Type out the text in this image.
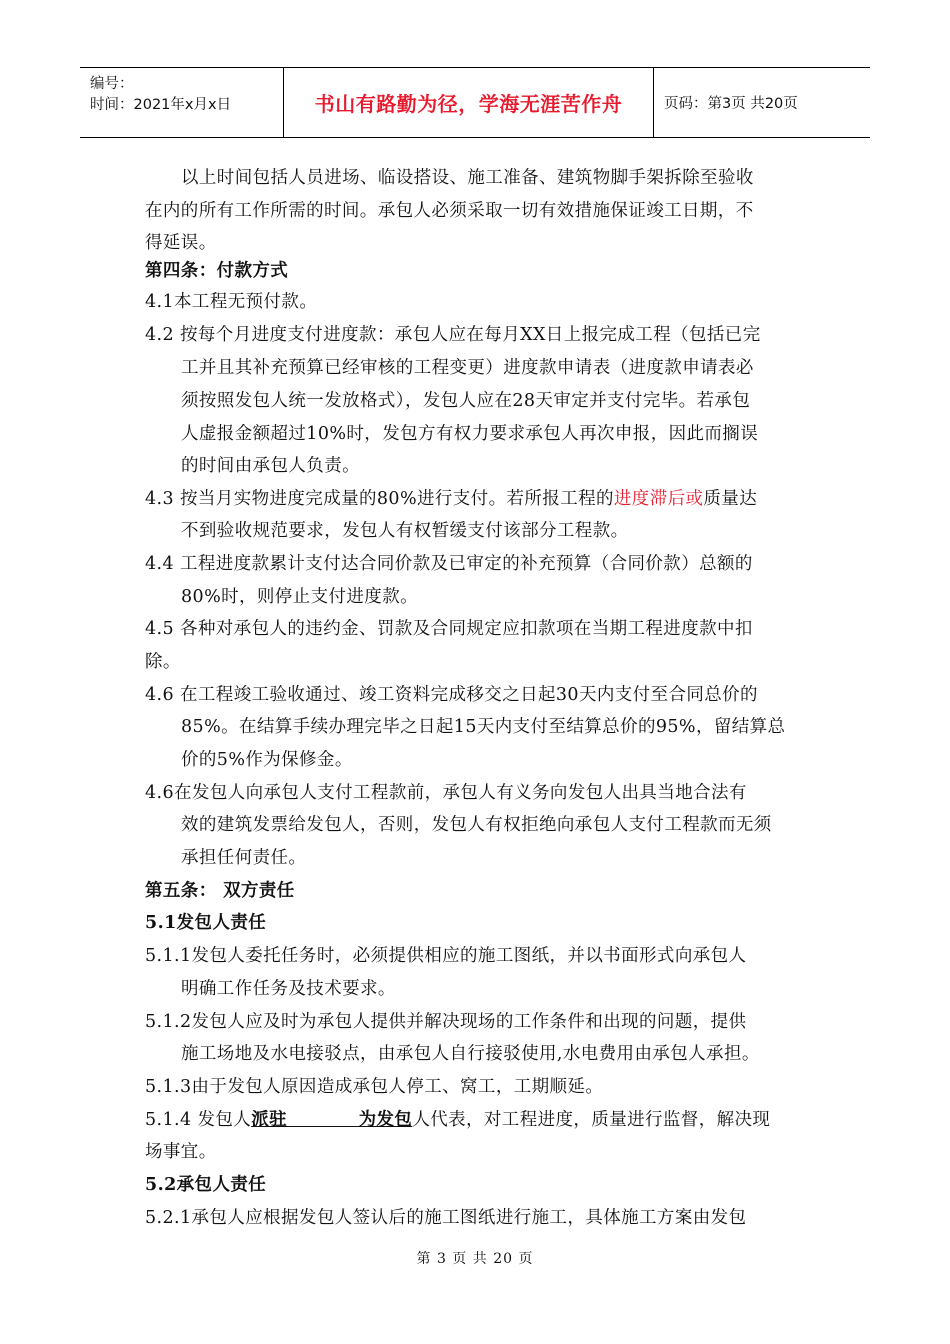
编号：
时间：2021年x月x日	书山有路勤为径，学海无涯苦作舟	页码：第3页 共20页
以上时间包括人员进场、临设搭设、施工准备、建筑物脚手架拆除至验收
在内的所有工作所需的时间。承包人必须采取一切有效措施保证竣工日期，不
得延误。
第四条：付款方式
4.1本工程无预付款。
4.2 按每个月进度支付进度款：承包人应在每月XX日上报完成工程（包括已完
工并且其补充预算已经审核的工程变更）进度款申请表（进度款申请表必
须按照发包人统一发放格式），发包人应在28天审定并支付完毕。若承包
人虚报金额超过10%时，发包方有权力要求承包人再次申报，因此而搁误
的时间由承包人负责。
4.3 按当月实物进度完成量的80%进行支付。若所报工程的进度滞后或质量达
不到验收规范要求，发包人有权暂缓支付该部分工程款。
4.4 工程进度款累计支付达合同价款及已审定的补充预算（合同价款）总额的
80%时，则停止支付进度款。
4.5 各种对承包人的违约金、罚款及合同规定应扣款项在当期工程进度款中扣
除。
4.6 在工程竣工验收通过、竣工资料完成移交之日起30天内支付至合同总价的
85%。在结算手续办理完毕之日起15天内支付至结算总价的95%，留结算总
价的5%作为保修金。
4.6在发包人向承包人支付工程款前，承包人有义务向发包人出具当地合法有
效的建筑发票给发包人，否则，发包人有权拒绝向承包人支付工程款而无须
承担任何责任。
第五条： 双方责任
5.1发包人责任
5.1.1发包人委托任务时，必须提供相应的施工图纸，并以书面形式向承包人
明确工作任务及技术要求。
5.1.2发包人应及时为承包人提供并解决现场的工作条件和出现的问题，提供
施工场地及水电接驳点，由承包人自行接驳使用,水电费用由承包人承担。
5.1.3由于发包人原因造成承包人停工、窝工，工期顺延。
5.1.4 发包人派驻　　　　为发包人代表，对工程进度，质量进行监督，解决现
场事宜。
5.2承包人责任
5.2.1承包人应根据发包人签认后的施工图纸进行施工，具体施工方案由发包
第 3 页 共 20 页
